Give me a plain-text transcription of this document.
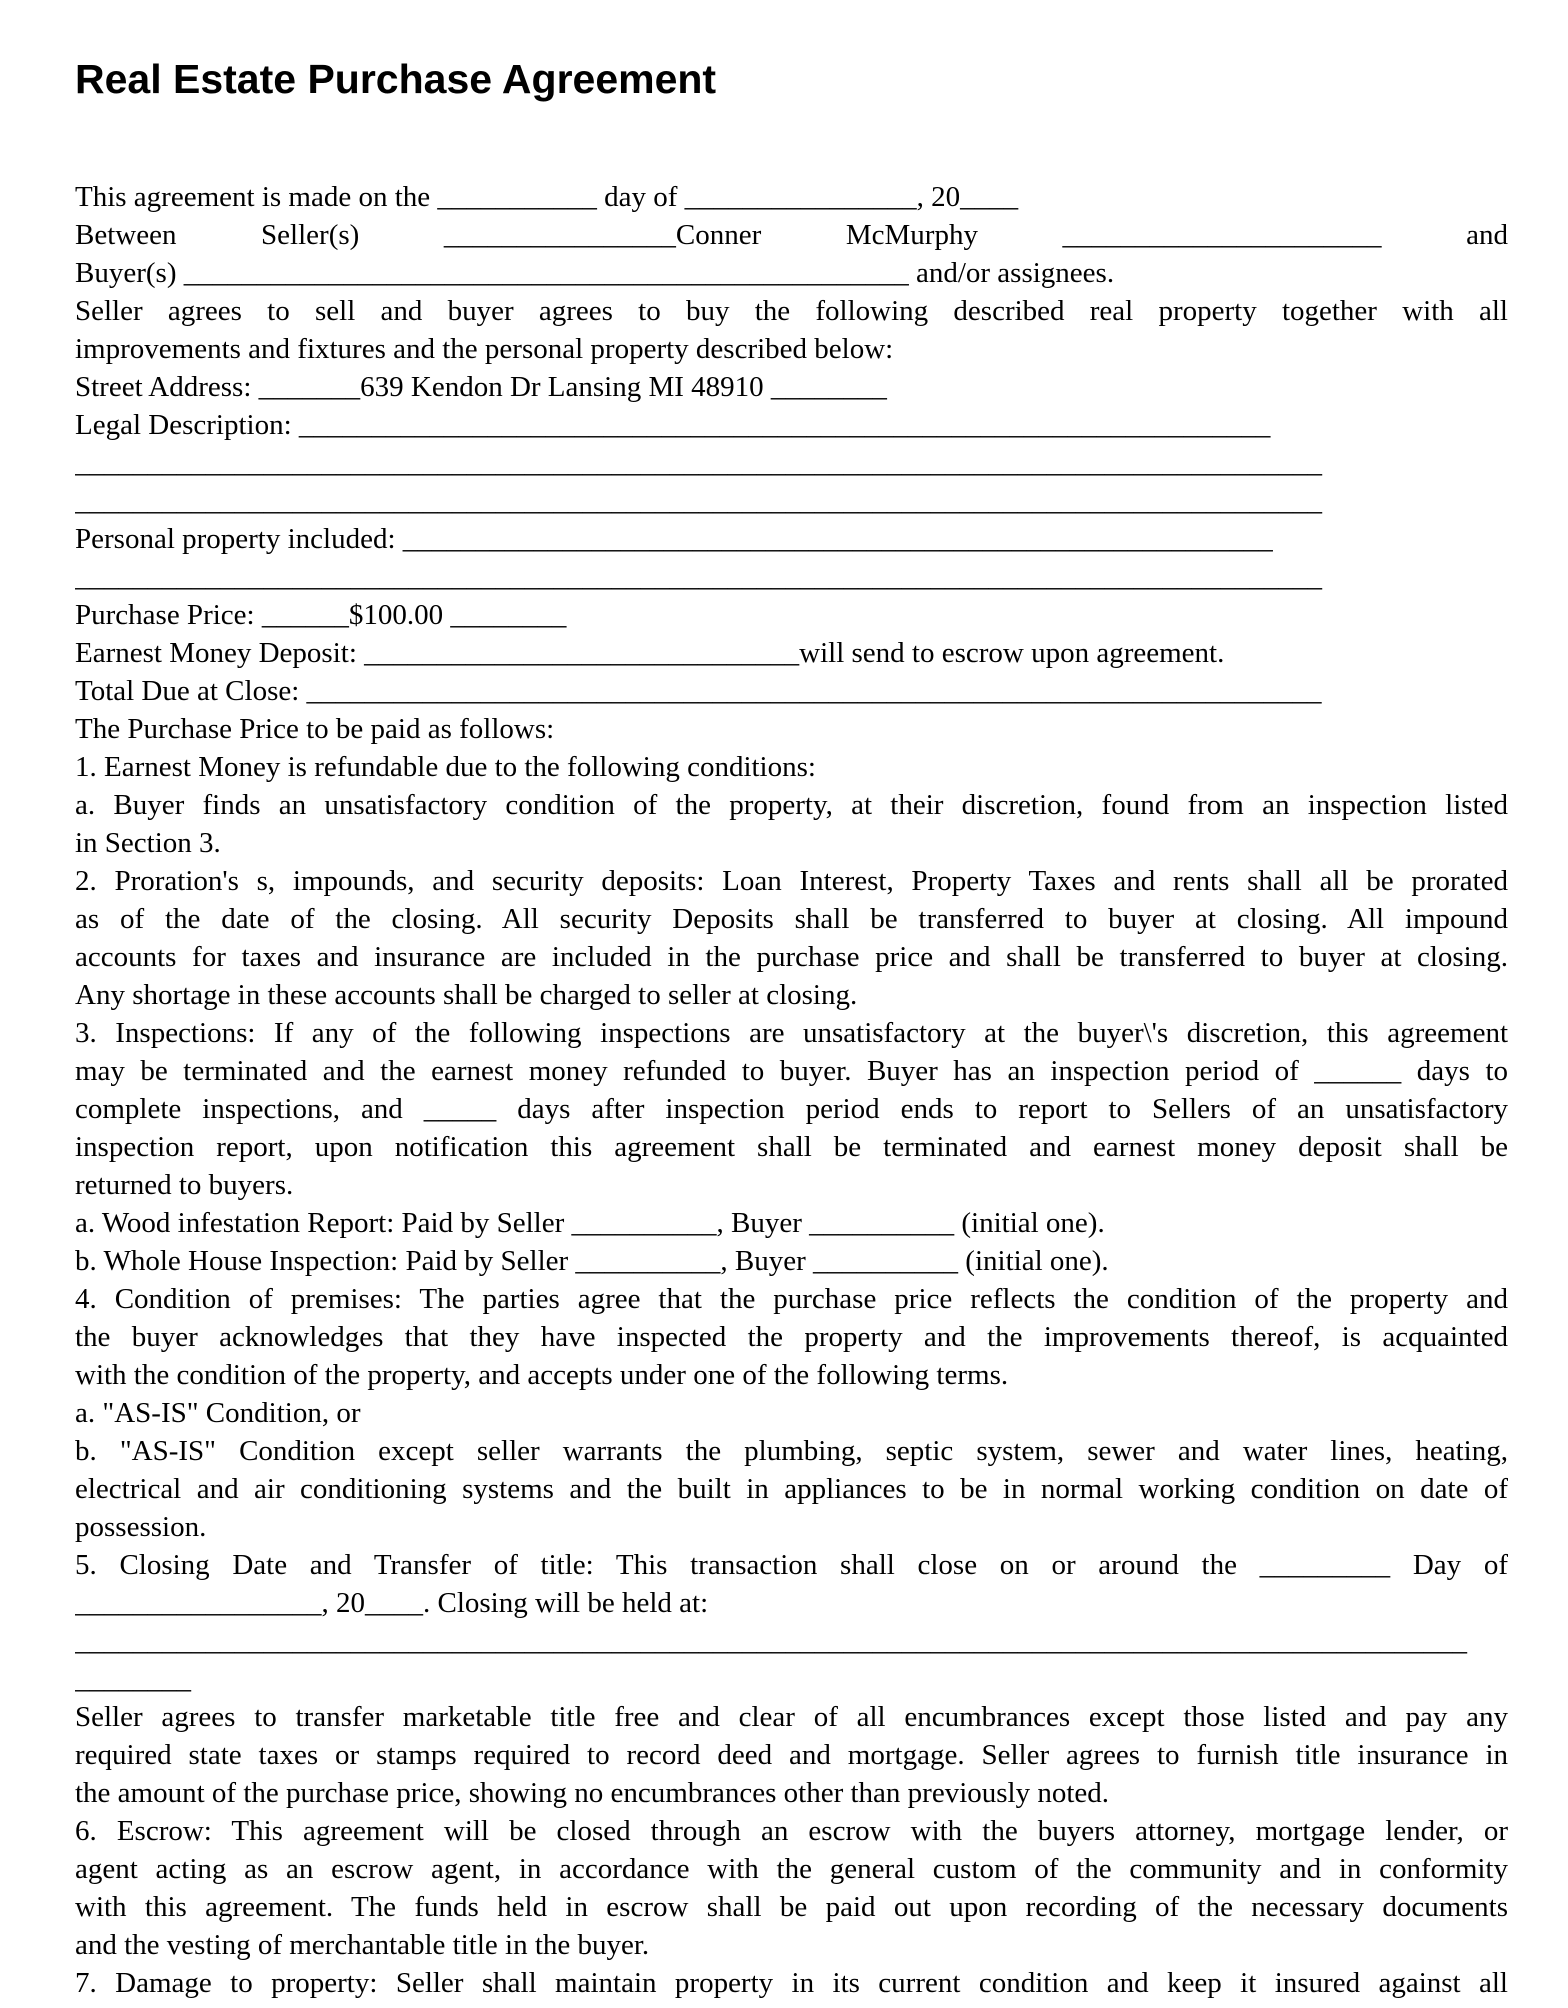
Real Estate Purchase Agreement
This agreement is made on the ___________ day of ________________, 20____
Between Seller(s) ________________Conner McMurphy ______________________ and
Buyer(s) __________________________________________________ and/or assignees.
Seller agrees to sell and buyer agrees to buy the following described real property together with all
improvements and fixtures and the personal property described below:
Street Address: _______639 Kendon Dr Lansing MI 48910 ________
Legal Description: ___________________________________________________________________
______________________________________________________________________________________
______________________________________________________________________________________
Personal property included: ____________________________________________________________
______________________________________________________________________________________
Purchase Price: ______$100.00 ________
Earnest Money Deposit: ______________________________will send to escrow upon agreement.
Total Due at Close: ______________________________________________________________________
The Purchase Price to be paid as follows:
1. Earnest Money is refundable due to the following conditions:
a. Buyer finds an unsatisfactory condition of the property, at their discretion, found from an inspection listed
in Section 3.
2. Proration's s, impounds, and security deposits: Loan Interest, Property Taxes and rents shall all be prorated
as of the date of the closing. All security Deposits shall be transferred to buyer at closing. All impound
accounts for taxes and insurance are included in the purchase price and shall be transferred to buyer at closing.
Any shortage in these accounts shall be charged to seller at closing.
3. Inspections: If any of the following inspections are unsatisfactory at the buyer\'s discretion, this agreement
may be terminated and the earnest money refunded to buyer. Buyer has an inspection period of ______ days to
complete inspections, and _____ days after inspection period ends to report to Sellers of an unsatisfactory
inspection report, upon notification this agreement shall be terminated and earnest money deposit shall be
returned to buyers.
a. Wood infestation Report: Paid by Seller __________, Buyer __________ (initial one).
b. Whole House Inspection: Paid by Seller __________, Buyer __________ (initial one).
4. Condition of premises: The parties agree that the purchase price reflects the condition of the property and
the buyer acknowledges that they have inspected the property and the improvements thereof, is acquainted
with the condition of the property, and accepts under one of the following terms.
a. "AS-IS" Condition, or
b. "AS-IS" Condition except seller warrants the plumbing, septic system, sewer and water lines, heating,
electrical and air conditioning systems and the built in appliances to be in normal working condition on date of
possession.
5. Closing Date and Transfer of title: This transaction shall close on or around the _________ Day of
_________________, 20____. Closing will be held at:
________________________________________________________________________________________________
________
Seller agrees to transfer marketable title free and clear of all encumbrances except those listed and pay any
required state taxes or stamps required to record deed and mortgage. Seller agrees to furnish title insurance in
the amount of the purchase price, showing no encumbrances other than previously noted.
6. Escrow: This agreement will be closed through an escrow with the buyers attorney, mortgage lender, or
agent acting as an escrow agent, in accordance with the general custom of the community and in conformity
with this agreement. The funds held in escrow shall be paid out upon recording of the necessary documents
and the vesting of merchantable title in the buyer.
7. Damage to property: Seller shall maintain property in its current condition and keep it insured against all
